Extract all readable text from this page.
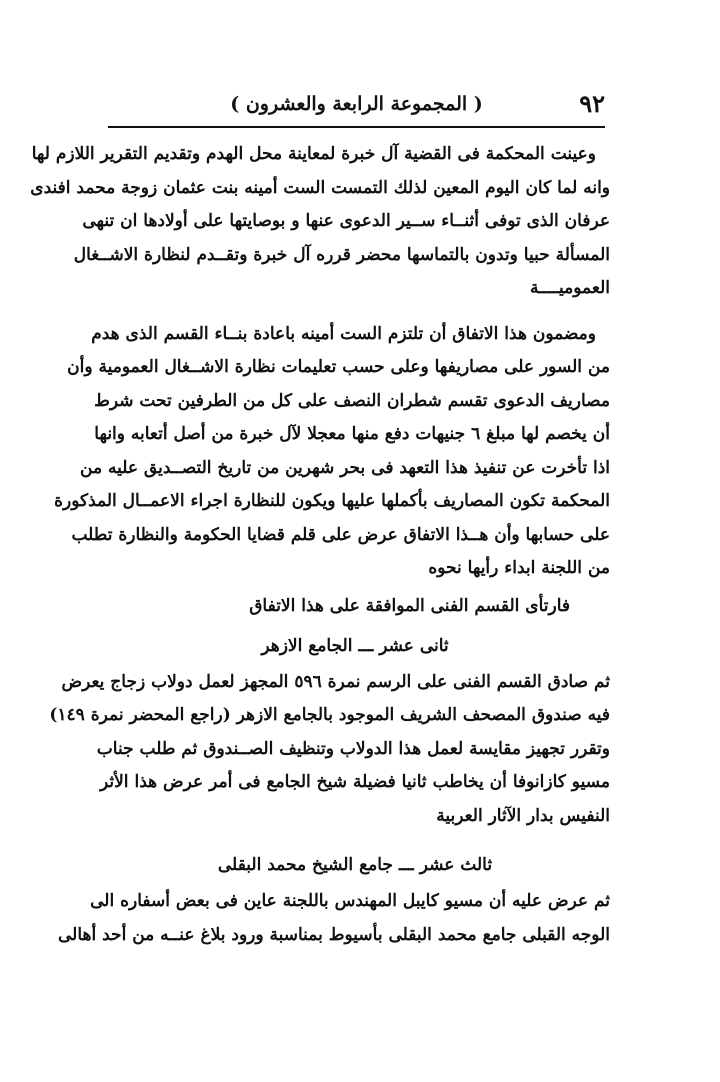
٩٢
( المجموعة الرابعة والعشرون )
وعينت المحكمة فى القضية آل خبرة لمعاينة محل الهدم وتقديم التقرير اللازم لها
وانه لما كان اليوم المعين لذلك التمست الست أمينه بنت عثمان زوجة محمد افندى
عرفان الذى توفى أثنــاء ســير الدعوى عنها و بوصايتها على أولادها ان تنهى
المسألة حبيا وتدون بالتماسها محضر قرره آل خبرة وتقــدم لنظارة الاشــغال
العموميــــة
ومضمون هذا الاتفاق أن تلتزم الست أمينه باعادة بنــاء القسم الذى هدم
من السور على مصاريفها وعلى حسب تعليمات نظارة الاشــغال العمومية وأن
مصاريف الدعوى تقسم شطران النصف على كل من الطرفين تحت شرط
أن يخصم لها مبلغ ٦ جنيهات دفع منها معجلا لآل خبرة من أصل أتعابه وانها
اذا تأخرت عن تنفيذ هذا التعهد فى بحر شهرين من تاريخ التصــديق عليه من
المحكمة تكون المصاريف بأكملها عليها ويكون للنظارة اجراء الاعمــال المذكورة
على حسابها وأن هــذا الاتفاق عرض على قلم قضايا الحكومة والنظارة تطلب
من اللجنة ابداء رأيها نحوه
فارتأى القسم الفنى الموافقة على هذا الاتفاق
ثانى عشر ـــ الجامع الازهر
ثم صادق القسم الفنى على الرسم نمرة ٥٩٦ المجهز لعمل دولاب زجاج يعرض
فيه صندوق المصحف الشريف الموجود بالجامع الازهر (راجع المحضر نمرة ١٤٩)
وتقرر تجهيز مقايسة لعمل هذا الدولاب وتنظيف الصــندوق ثم طلب جناب
مسيو كازانوفا أن يخاطب ثانيا فضيلة شيخ الجامع فى أمر عرض هذا الأثر
النفيس بدار الآثار العربية
ثالث عشر ـــ جامع الشيخ محمد البقلى
ثم عرض عليه أن مسيو كايبل المهندس باللجنة عاين فى بعض أسفاره الى
الوجه القبلى جامع محمد البقلى بأسيوط بمناسبة ورود بلاغ عنــه من أحد أهالى
